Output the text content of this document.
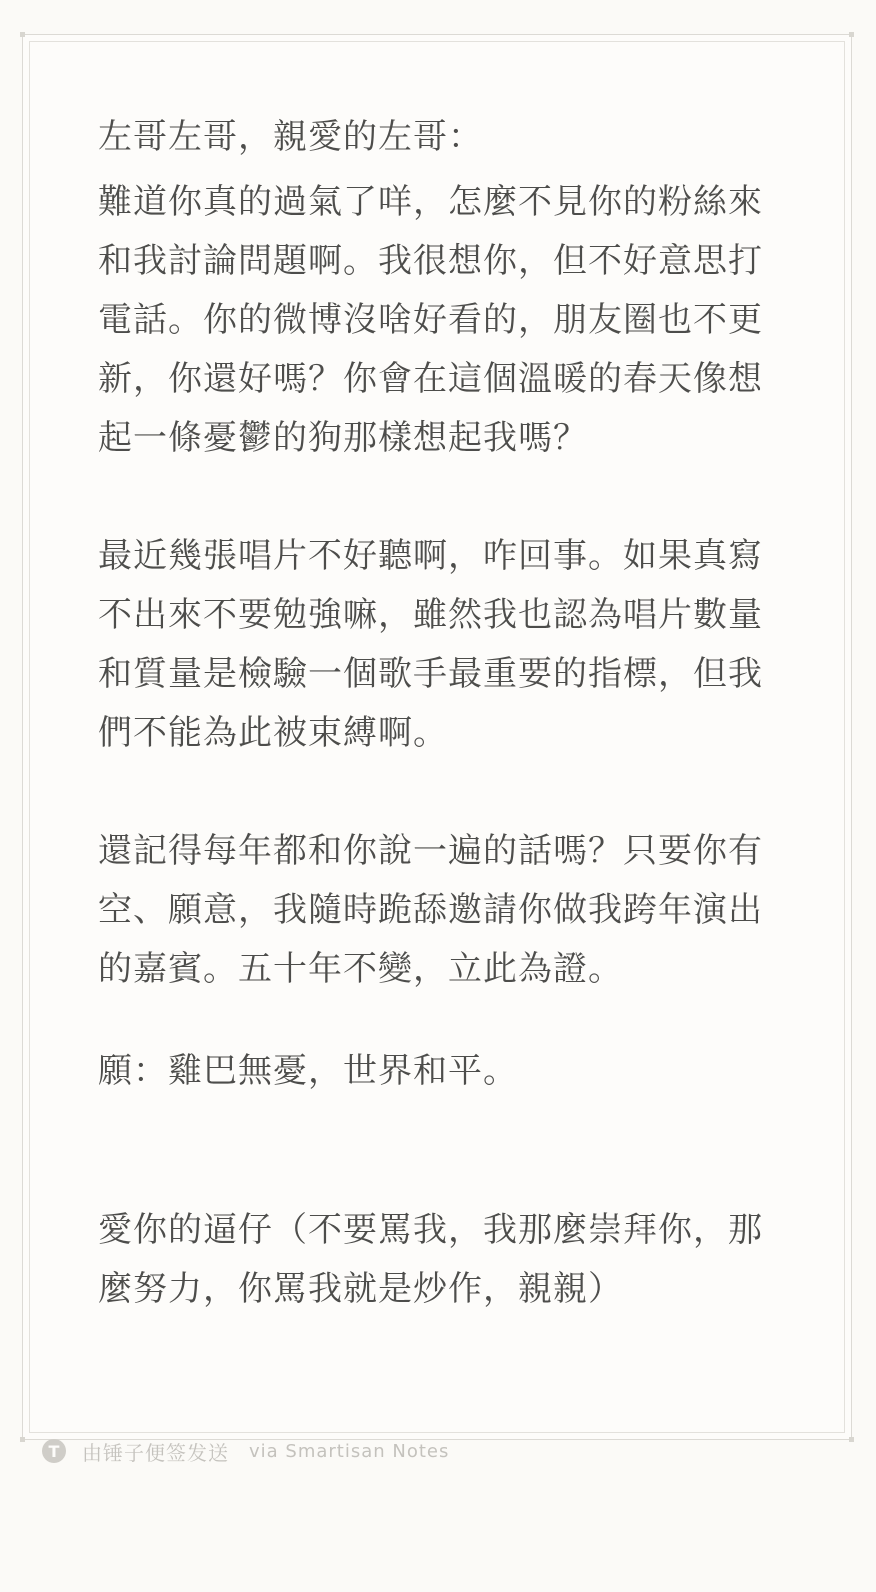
左哥左哥，親愛的左哥：

難道你真的過氣了咩，怎麼不見你的粉絲來和我討論問題啊。我很想你，但不好意思打電話。你的微博沒啥好看的，朋友圈也不更新，你還好嗎？你會在這個溫暖的春天像想起一條憂鬱的狗那樣想起我嗎？

最近幾張唱片不好聽啊，咋回事。如果真寫不出來不要勉強嘛，雖然我也認為唱片數量和質量是檢驗一個歌手最重要的指標，但我們不能為此被束縛啊。

還記得每年都和你說一遍的話嗎？只要你有空、願意，我隨時跪舔邀請你做我跨年演出的嘉賓。五十年不變，立此為證。

願：雞巴無憂，世界和平。

愛你的逼仔（不要罵我，我那麼崇拜你，那麼努力，你罵我就是炒作，親親）

T	由锤子便签发送 via Smartisan Notes
